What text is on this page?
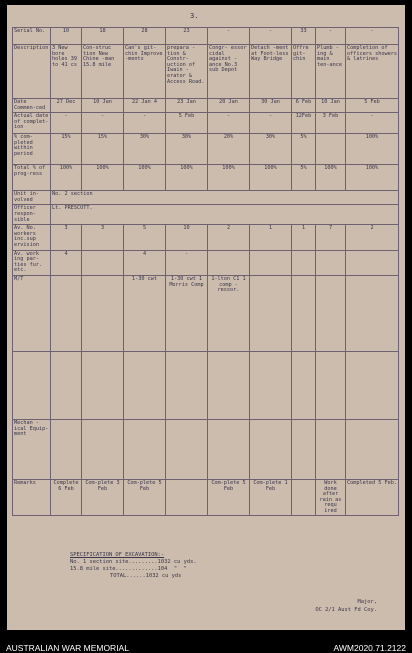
3.
Serial No.	10	18	28	23	-	-	33	-	-
Description	3 New bore holes 39 to 41 cs	Con-struc tion New Chine -man 15.8 mile	Can's git-chin Improve -ments	prepara -tion & Constr-uction of Iwain -erator & Access Road.	Congr- essor cidal against -ance No.3 sub Depot	Detach -ment at Foot-less Way Bridge	Offre git-chin	Plumb -ing & main ten-ance	Completion of officers showers & latrines
Date Commen-ced	27 Dec	10 Jan	22 Jan 4	23 Jan	20 Jan	30 Jan	6 Feb	10 Jan	5 Feb
Actual date of complet-ion	-	-	-	5 Feb	-	-	12Feb	3 Feb	-
% com-pleted within period	15%	15%	30%	30%	20%	30%	5%		100%
Total % of prog-ress	100%	100%	100%	100%	100%	100%	5%	100%	100%
Unit in-volved	No. 2 section								
Officer respon-sible	Lt. PRESCOTT.								
Av. No. workers inc.sup ervision	3	3	5	10	2	1	1	7	2
Av. work ing par-ties fur. etc.	4		4	-					
M/T			1-30 cwt	1-30 cwt 1 Morris Comp	1-lton C1 1 comp -ressor.				

Mechan -ical Equip-ment									
Remarks	Complete 6 Feb	Com-plete 3 Feb	Com-plete 5 Feb		Com-plete 5 Feb	Com-plete 1 Feb		Work done after rain as requ ired	Completed 5 Feb.
SPECIFICATION OF EXCAVATION:-
No. 1 section site.........1032 cu yds.
15.8 mile site.............104  "  "
TOTAL......1032 cu yds
Major,
OC 2/1 Aust Fd Coy.
AUSTRALIAN WAR MEMORIAL	AWM2020.71.2122
